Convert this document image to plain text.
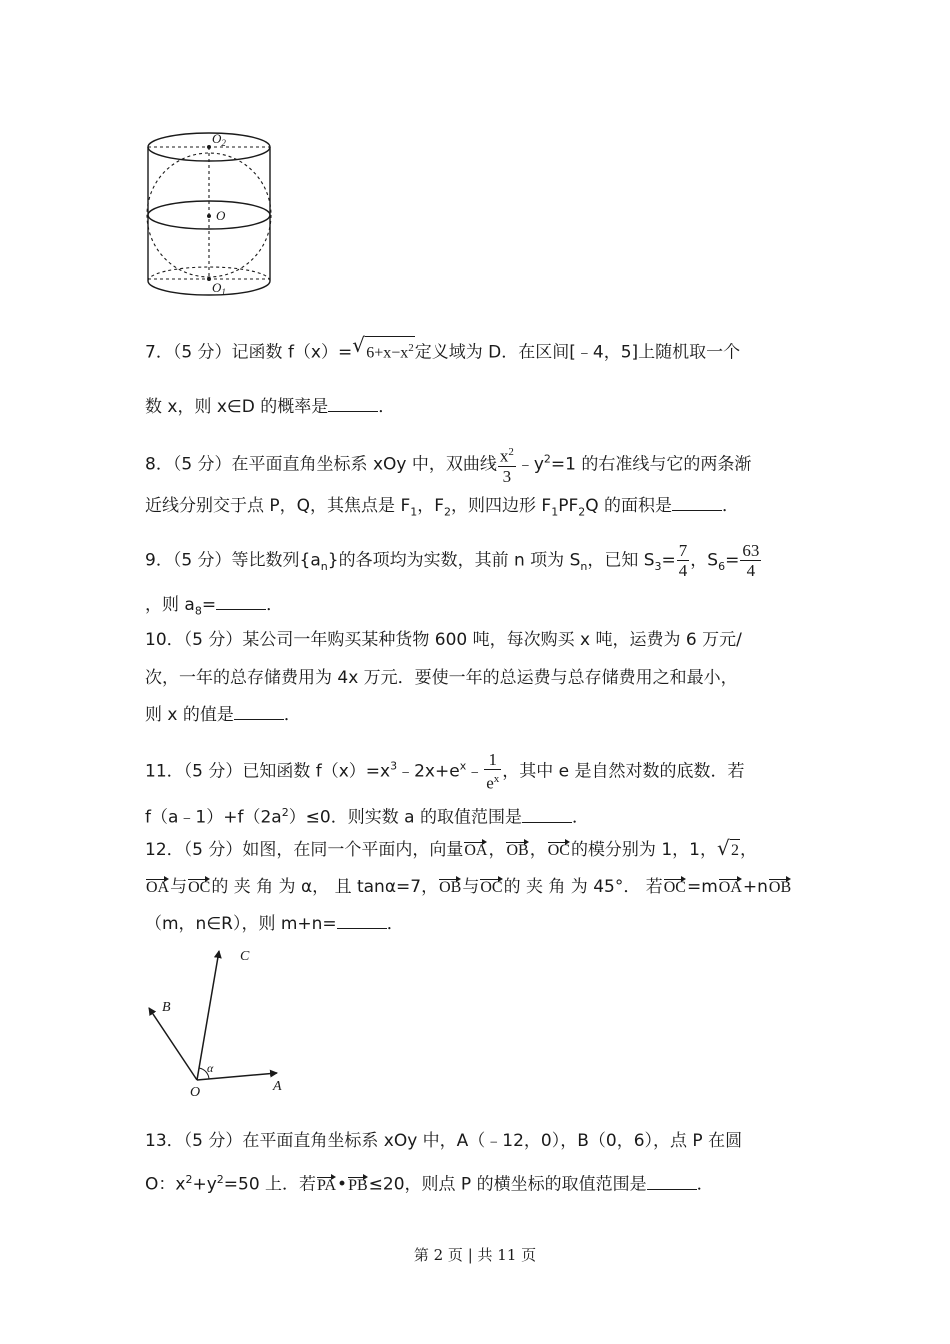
$O_2$
O
$O_1$
7．（5 分）记函数 f（x）= √ $6+x-x^2$定义域为 D．在区间[﹣4，5]上随机取一个
数 x，则 x∈D 的概率是	．
8．（5 分）在平面直角坐标系 xOy 中，双曲线 $\frac{x^2}{3}$ $﹣y^2=1$ 的右准线与它的两条渐
近线分别交于点 P，Q，其焦点是 $F_1$，$F_2$，则四边形 $F_1PF_2Q$ 的面积是	．
9．（5 分）等比数列$\{a_n\}$的各项均为实数，其前 n 项为 $S_n$，已知 $S_3= \frac{7}{4}$ ，$S_6= \frac{63}{4}$
，则 $a_8=$	．
10．（5 分）某公司一年购买某种货物 600 吨，每次购买 x 吨，运费为 6 万元/
次，一年的总存储费用为 4x 万元．要使一年的总运费与总存储费用之和最小，
则 x 的值是	．
11．（5 分）已知函数 $f(x)=x^3﹣2x+e^x﹣ \frac{1}{e^x}$ ，其中 e 是自然对数的底数．若
$f(a﹣1)+f(2a^2)\le 0$．则实数 a 的取值范围是	．
12．（5 分）如图，在同一个平面内，向量OA，OB，OC的模分别为 1，1， √ 2，
OA与OC的 夹 角 为 α， 且 tanα=7，OB与OC的 夹 角 为 45°． 若OC=mOA+nOB
（m，n∈R），则 m+n=	．
A
B
C
O
α
13．（5 分）在平面直角坐标系 xOy 中，A（﹣12，0），B（0，6），点 P 在圆
O：$x^2+y^2=50$ 上．若PA•PB≤20，则点 P 的横坐标的取值范围是	．
第 2 页 | 共 11 页
